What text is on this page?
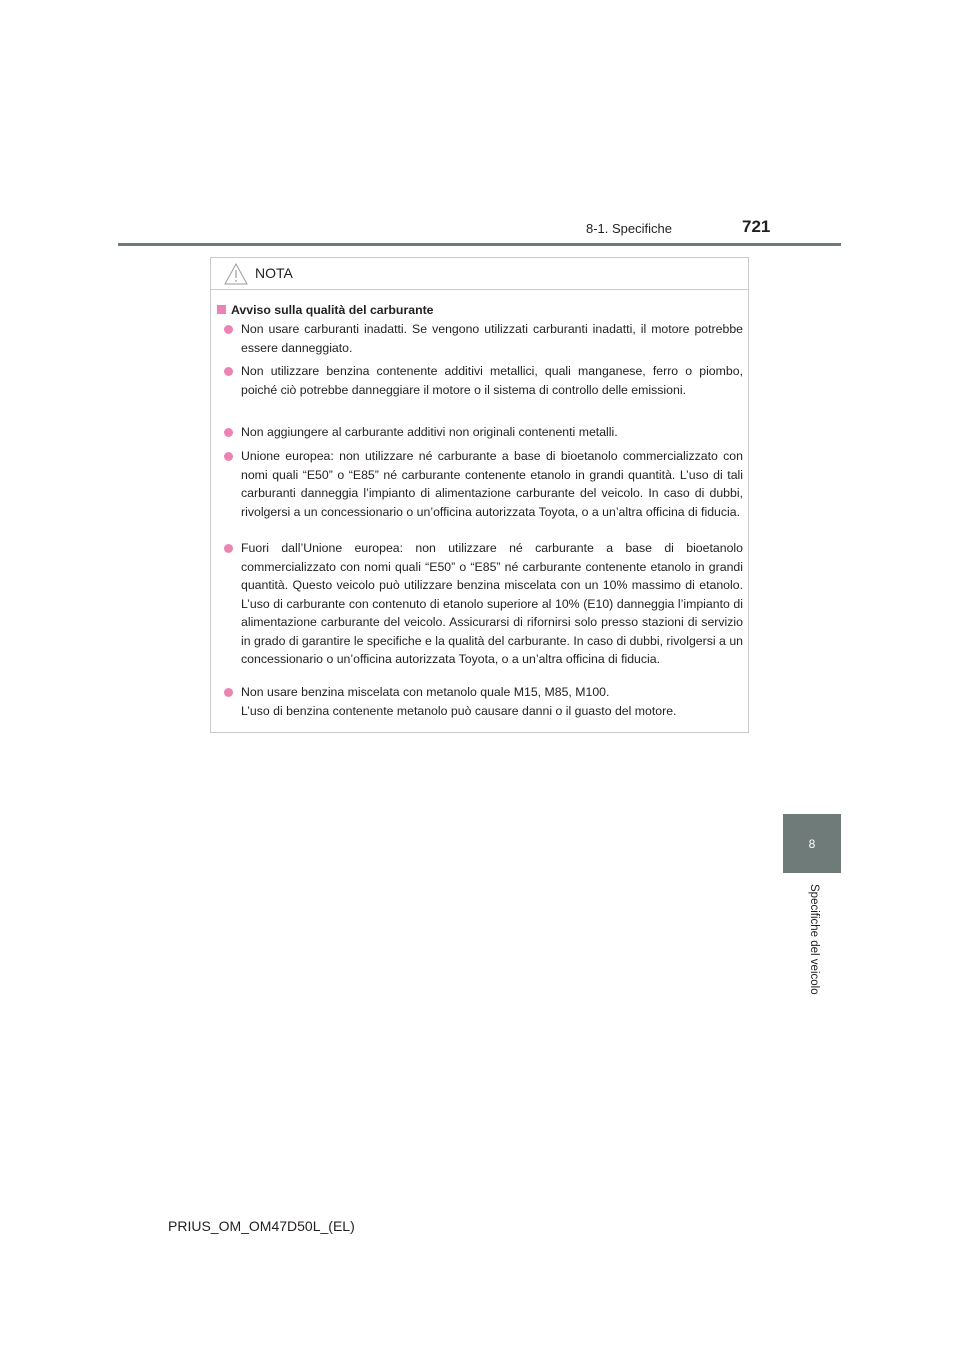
8-1. Specifiche	721
NOTA
Avviso sulla qualità del carburante
Non usare carburanti inadatti. Se vengono utilizzati carburanti inadatti, il motore potrebbe essere danneggiato.
Non utilizzare benzina contenente additivi metallici, quali manganese, ferro o piombo, poiché ciò potrebbe danneggiare il motore o il sistema di controllo delle emissioni.
Non aggiungere al carburante additivi non originali contenenti metalli.
Unione europea: non utilizzare né carburante a base di bioetanolo commercializzato con nomi quali “E50” o “E85” né carburante contenente etanolo in grandi quantità. L’uso di tali carburanti danneggia l’impianto di alimentazione carburante del veicolo. In caso di dubbi, rivolgersi a un concessionario o un’officina autorizzata Toyota, o a un’altra officina di fiducia.
Fuori dall’Unione europea: non utilizzare né carburante a base di bioetanolo commercializzato con nomi quali “E50” o “E85” né carburante contenente etanolo in grandi quantità. Questo veicolo può utilizzare benzina miscelata con un 10% massimo di etanolo. L’uso di carburante con contenuto di etanolo superiore al 10% (E10) danneggia l’impianto di alimentazione carburante del veicolo. Assicurarsi di rifornirsi solo presso stazioni di servizio in grado di garantire le specifiche e la qualità del carburante. In caso di dubbi, rivolgersi a un concessionario o un’officina autorizzata Toyota, o a un’altra officina di fiducia.
Non usare benzina miscelata con metanolo quale M15, M85, M100.
L’uso di benzina contenente metanolo può causare danni o il guasto del motore.
8
Specifiche del veicolo
PRIUS_OM_OM47D50L_(EL)
